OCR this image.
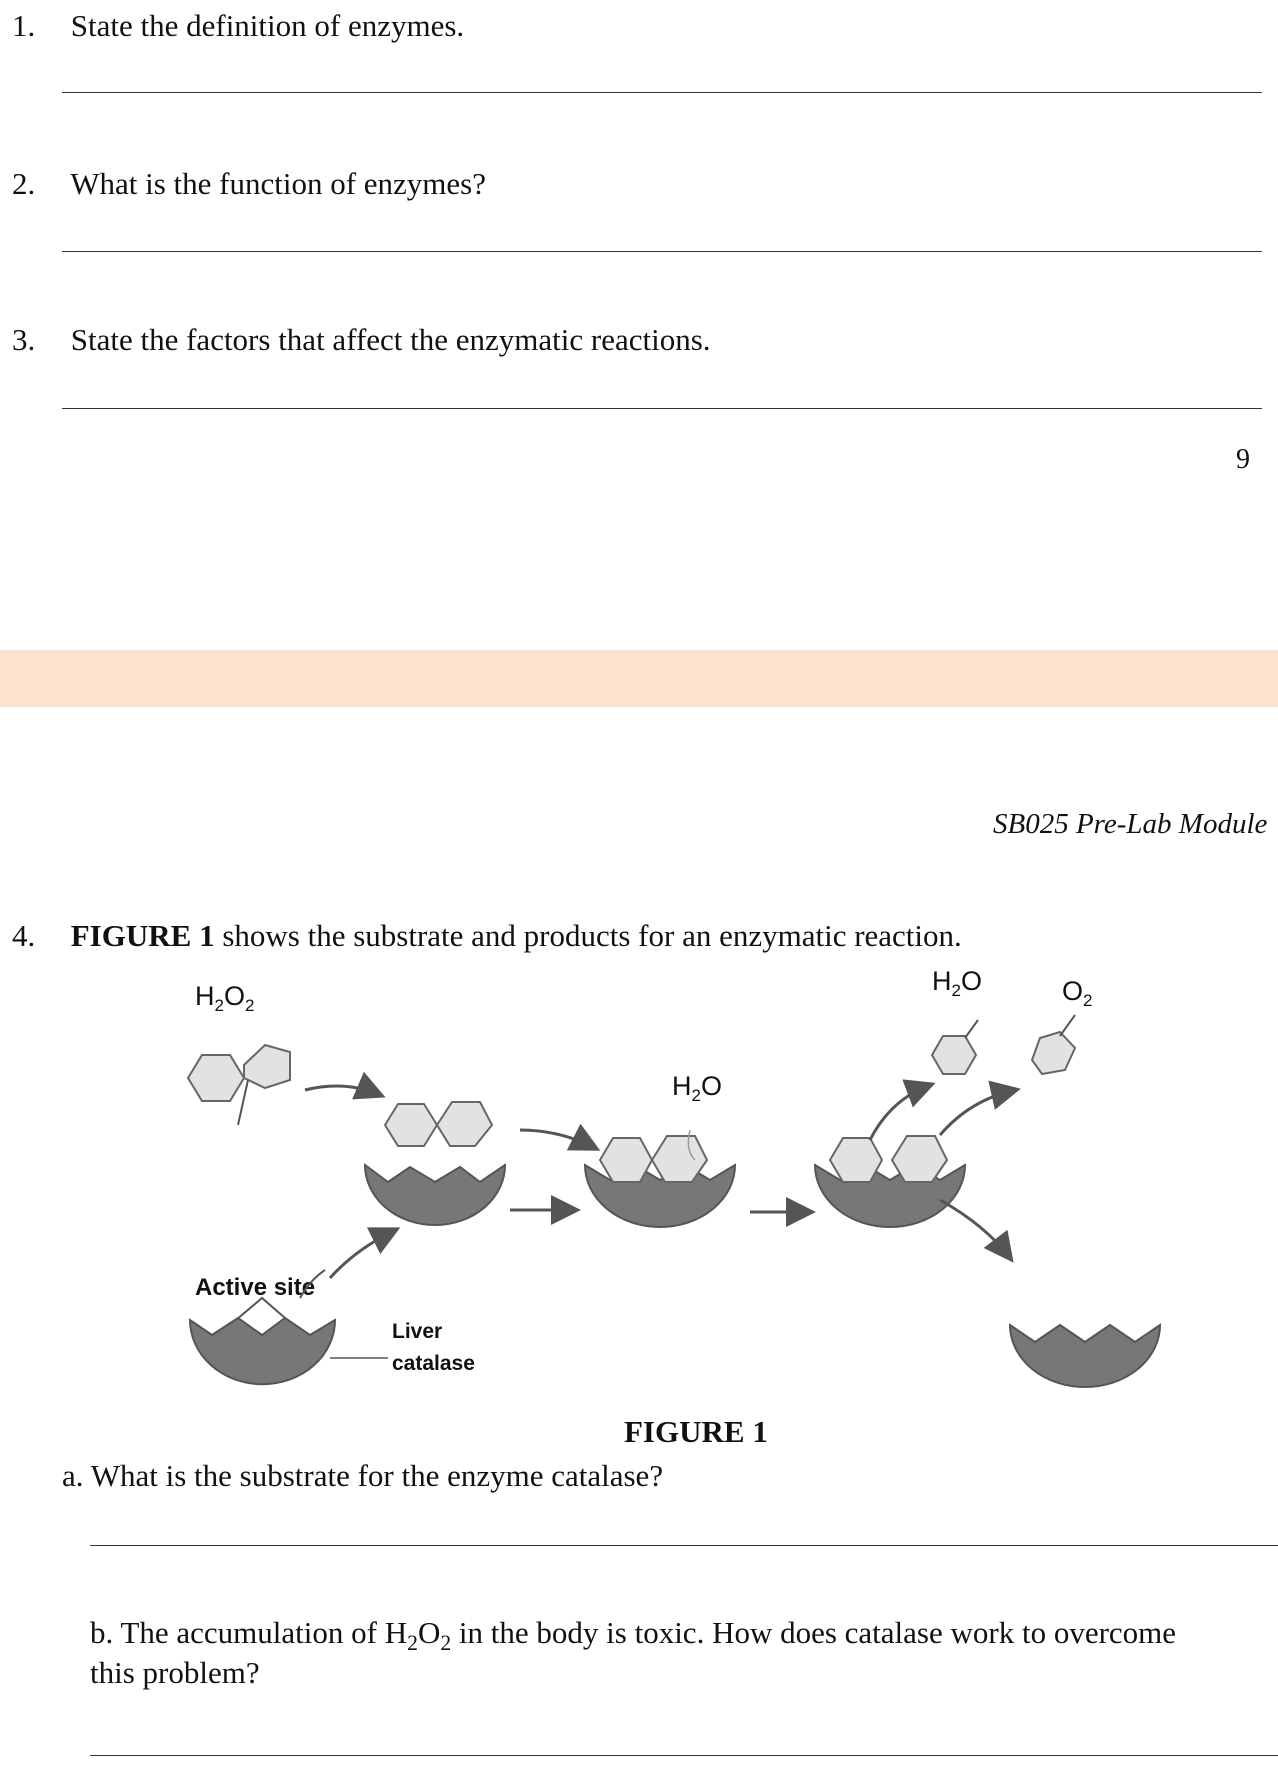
1. State the definition of enzymes.
2. What is the function of enzymes?
3. State the factors that affect the enzymatic reactions.
9
SB025 Pre-Lab Module
4. FIGURE 1 shows the substrate and products for an enzymatic reaction.
$H_2O_2$
$H_2O$
$H_2O$	$O_2$
Active site
Liver
catalase
FIGURE 1
a. What is the substrate for the enzyme catalase?
b. The accumulation of $H_2O_2$ in the body is toxic. How does catalase work to overcome
this problem?
